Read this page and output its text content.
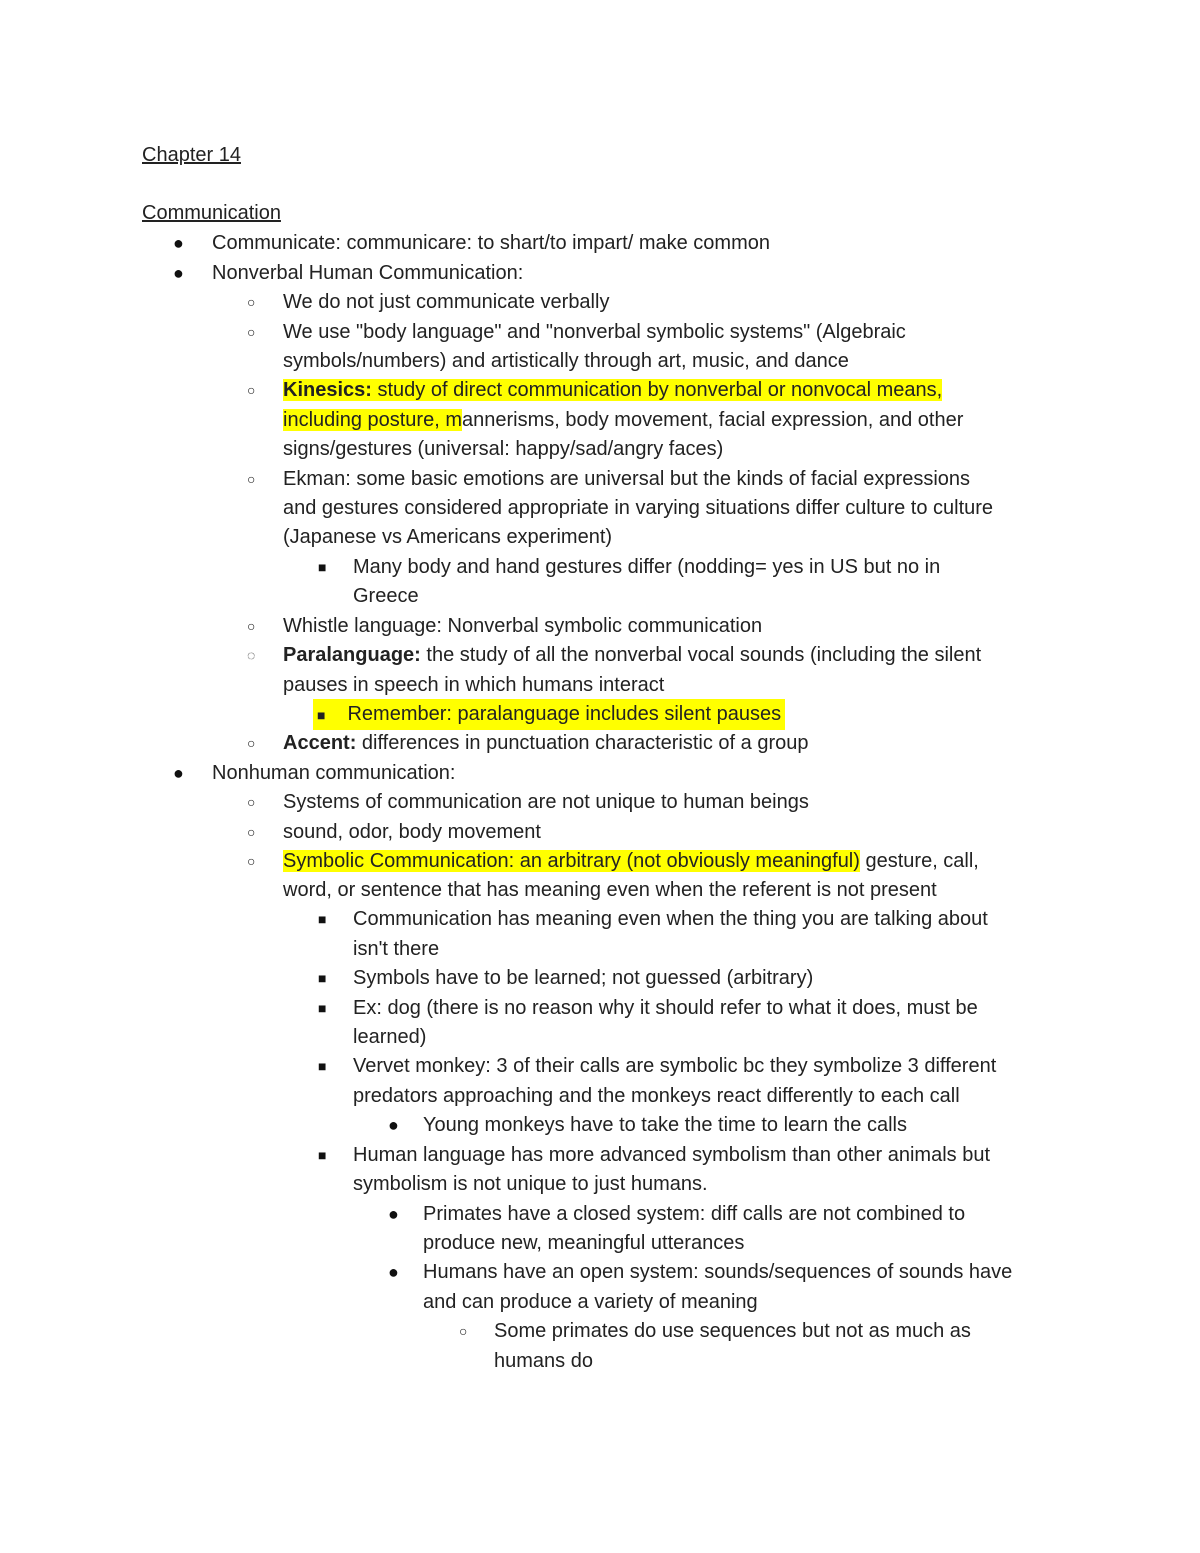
Chapter 14
Communication
● Communicate: communicare: to shart/to impart/ make common
● Nonverbal Human Communication:
○ We do not just communicate verbally
○ We use "body language" and "nonverbal symbolic systems" (Algebraic
symbols/numbers) and artistically through art, music, and dance
○ Kinesics: study of direct communication by nonverbal or nonvocal means,
including posture, mannerisms, body movement, facial expression, and other
signs/gestures (universal: happy/sad/angry faces)
○ Ekman: some basic emotions are universal but the kinds of facial expressions
and gestures considered appropriate in varying situations differ culture to culture
(Japanese vs Americans experiment)
■ Many body and hand gestures differ (nodding= yes in US but no in
Greece
○ Whistle language: Nonverbal symbolic communication
◌ Paralanguage: the study of all the nonverbal vocal sounds (including the silent
pauses in speech in which humans interact
■ Remember: paralanguage includes silent pauses
○ Accent: differences in punctuation characteristic of a group
● Nonhuman communication:
○ Systems of communication are not unique to human beings
○ sound, odor, body movement
○ Symbolic Communication: an arbitrary (not obviously meaningful) gesture, call,
word, or sentence that has meaning even when the referent is not present
■ Communication has meaning even when the thing you are talking about
isn't there
■ Symbols have to be learned; not guessed (arbitrary)
■ Ex: dog (there is no reason why it should refer to what it does, must be
learned)
■ Vervet monkey: 3 of their calls are symbolic bc they symbolize 3 different
predators approaching and the monkeys react differently to each call
● Young monkeys have to take the time to learn the calls
■ Human language has more advanced symbolism than other animals but
symbolism is not unique to just humans.
● Primates have a closed system: diff calls are not combined to
produce new, meaningful utterances
● Humans have an open system: sounds/sequences of sounds have
and can produce a variety of meaning
○ Some primates do use sequences but not as much as
humans do
